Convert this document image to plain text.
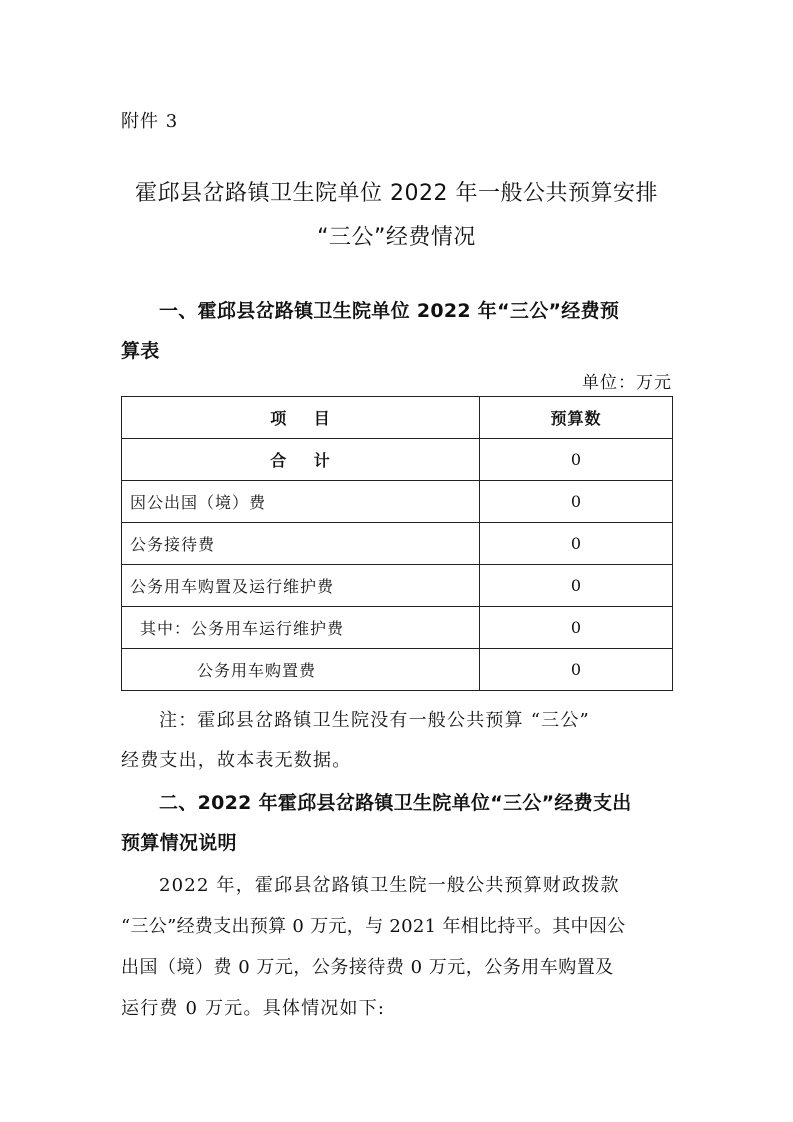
附件 3
霍邱县岔路镇卫生院单位 2022 年一般公共预算安排
“三公”经费情况
一、霍邱县岔路镇卫生院单位 2022 年“三公”经费预
算表
单位：万元
项 目	预算数
合 计	0
因公出国（境）费	0
公务接待费	0
公务用车购置及运行维护费	0
其中：公务用车运行维护费	0
公务用车购置费	0
注：霍邱县岔路镇卫生院没有一般公共预算 “三公”
经费支出，故本表无数据。
二、2022 年霍邱县岔路镇卫生院单位“三公”经费支出
预算情况说明
2022 年，霍邱县岔路镇卫生院一般公共预算财政拨款
“三公”经费支出预算 0 万元，与 2021 年相比持平。其中因公
出国（境）费 0 万元，公务接待费 0 万元，公务用车购置及
运行费 0 万元。具体情况如下:
